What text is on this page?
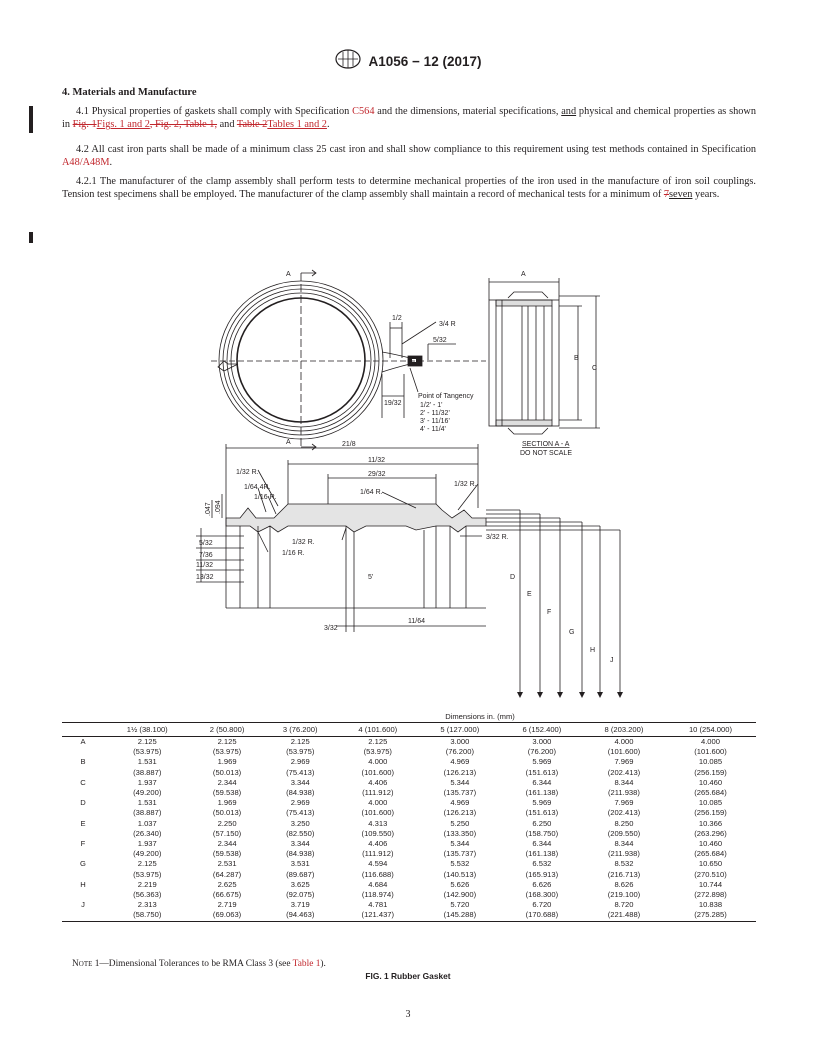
A1056 − 12 (2017)
4. Materials and Manufacture

4.1 Physical properties of gaskets shall comply with Specification C564 and the dimensions, material specifications, and physical and chemical properties as shown in Fig. 1Figs. 1 and 2, Fig. 2, Table 1, and Table 2Tables 1 and 2.

4.2 All cast iron parts shall be made of a minimum class 25 cast iron and shall show compliance to this requirement using test methods contained in Specification A48/A48M.

4.2.1 The manufacturer of the clamp assembly shall perform tests to determine mechanical properties of the iron used in the manufacture of iron soil couplings. Tension test specimens shall be employed. The manufacturer of the clamp assembly shall maintain a record of mechanical tests for a minimum of 7seven years.

A
A
A
B
C
1/2
3/4 R
5/32
19/32
Point of Tangency
1/2' - 1'
2' - 11/32'
3' - 11/16'
4' - 11/4'
SECTION A - A
DO NOT SCALE
21/8
11/32
29/32
1/32 R.
1/64 4R.
1/16 R.
1/64 R.
1/32 R.
3/32 R.
1/32 R.
1/16 R.
.047 .094
5/32
7/36
11/32
13/32	5'
3/32
11/64
D
E
F
G
H
J
Dimensions in. (mm)
	1½ (38.100)	2 (50.800)	3 (76.200)	4 (101.600)	5 (127.000)	6 (152.400)	8 (203.200)	10 (254.000)
A	2.125	2.125	2.125	2.125	3.000	3.000	4.000	4.000
	(53.975)	(53.975)	(53.975)	(53.975)	(76.200)	(76.200)	(101.600)	(101.600)
B	1.531	1.969	2.969	4.000	4.969	5.969	7.969	10.085
	(38.887)	(50.013)	(75.413)	(101.600)	(126.213)	(151.613)	(202.413)	(256.159)
C	1.937	2.344	3.344	4.406	5.344	6.344	8.344	10.460
	(49.200)	(59.538)	(84.938)	(111.912)	(135.737)	(161.138)	(211.938)	(265.684)
D	1.531	1.969	2.969	4.000	4.969	5.969	7.969	10.085
	(38.887)	(50.013)	(75.413)	(101.600)	(126.213)	(151.613)	(202.413)	(256.159)
E	1.037	2.250	3.250	4.313	5.250	6.250	8.250	10.366
	(26.340)	(57.150)	(82.550)	(109.550)	(133.350)	(158.750)	(209.550)	(263.296)
F	1.937	2.344	3.344	4.406	5.344	6.344	8.344	10.460
	(49.200)	(59.538)	(84.938)	(111.912)	(135.737)	(161.138)	(211.938)	(265.684)
G	2.125	2.531	3.531	4.594	5.532	6.532	8.532	10.650
	(53.975)	(64.287)	(89.687)	(116.688)	(140.513)	(165.913)	(216.713)	(270.510)
H	2.219	2.625	3.625	4.684	5.626	6.626	8.626	10.744
	(56.363)	(66.675)	(92.075)	(118.974)	(142.900)	(168.300)	(219.100)	(272.898)
J	2.313	2.719	3.719	4.781	5.720	6.720	8.720	10.838
	(58.750)	(69.063)	(94.463)	(121.437)	(145.288)	(170.688)	(221.488)	(275.285)
Note 1—Dimensional Tolerances to be RMA Class 3 (see Table 1).
FIG. 1 Rubber Gasket
3
